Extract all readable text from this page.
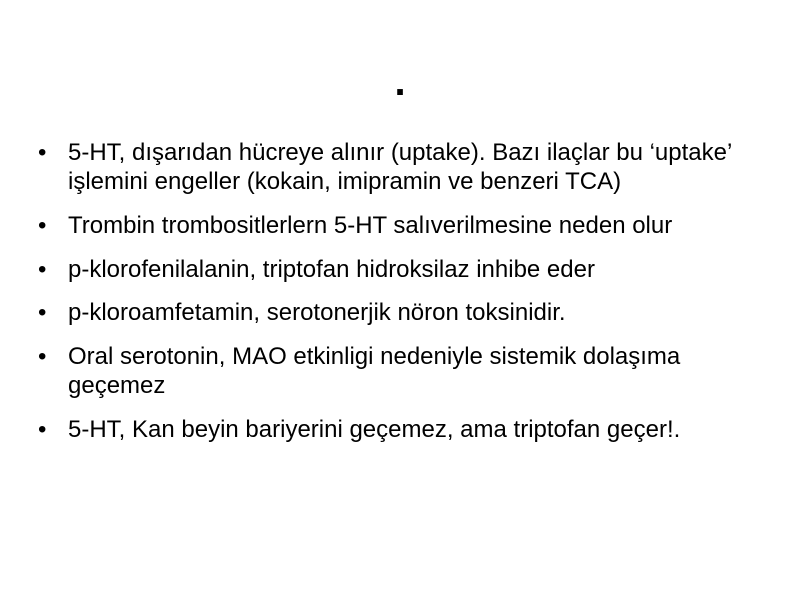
.
• 5-HT, dışarıdan hücreye alınır (uptake). Bazı ilaçlar bu ‘uptake’ işlemini engeller (kokain, imipramin ve benzeri TCA)
• Trombin trombositlerlern 5-HT salıverilmesine neden olur
• p-klorofenilalanin, triptofan hidroksilaz inhibe eder
• p-kloroamfetamin, serotonerjik nöron toksinidir.
• Oral serotonin, MAO etkinligi nedeniyle sistemik dolaşıma geçemez
• 5-HT, Kan beyin bariyerini geçemez, ama triptofan geçer!.
